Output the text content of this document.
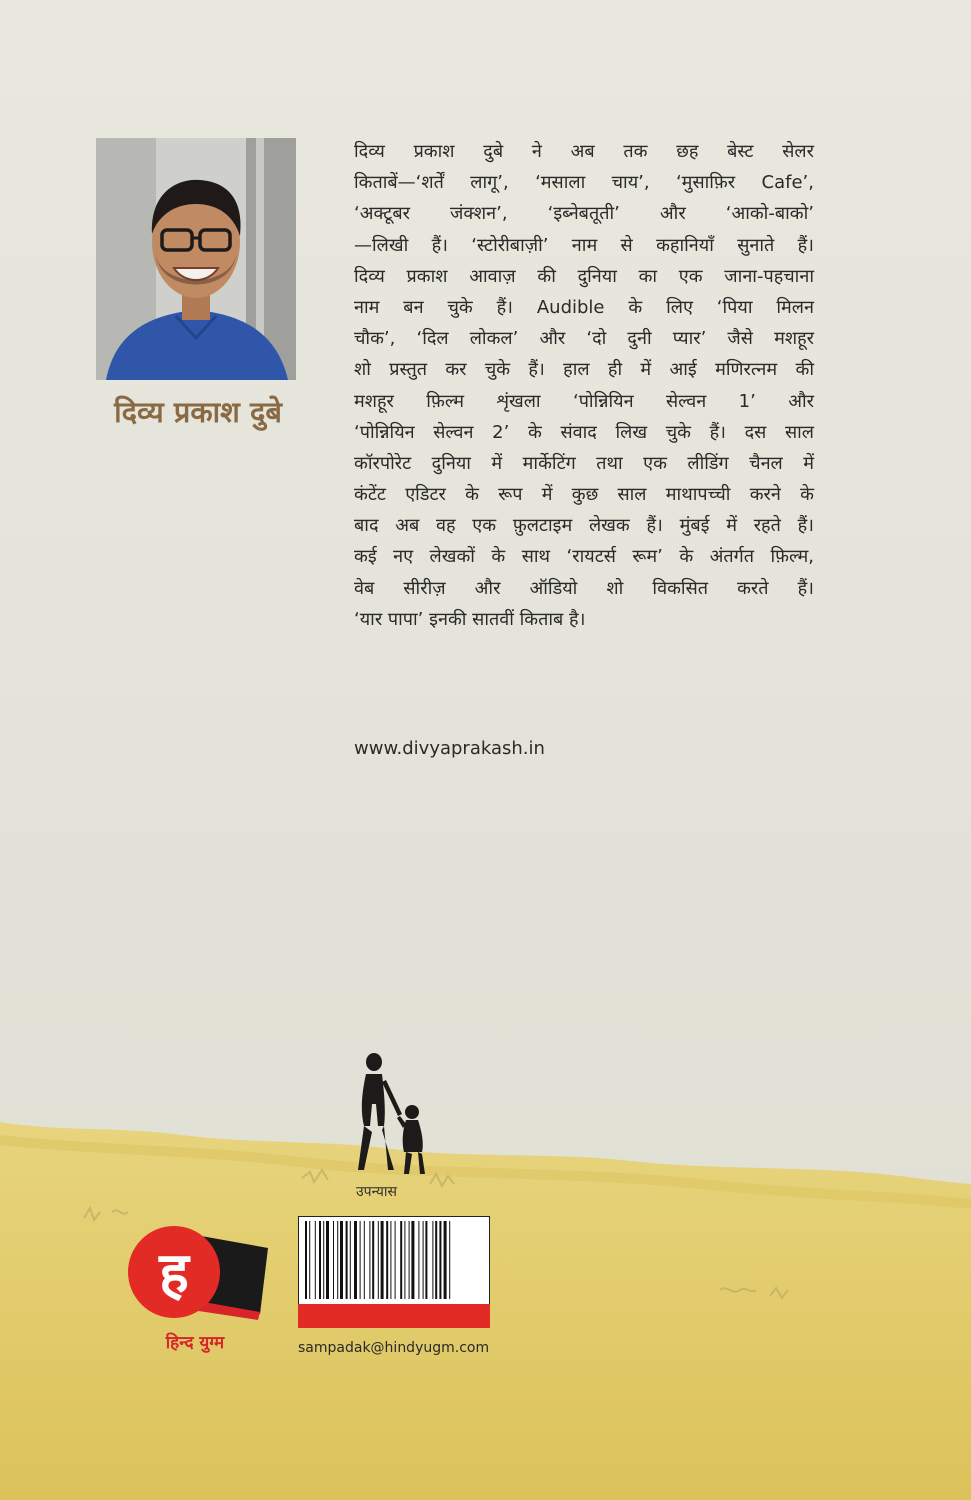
दिव्य प्रकाश दुबे

दिव्य प्रकाश दुबे ने अब तक छह बेस्ट सेलर
किताबें—‘शर्तें लागू’, ‘मसाला चाय’, ‘मुसाफ़िर Cafe’,
‘अक्टूबर जंक्शन’, ‘इब्नेबतूती’ और ‘आको-बाको’
—लिखी हैं। ‘स्टोरीबाज़ी’ नाम से कहानियाँ सुनाते हैं।
दिव्य प्रकाश आवाज़ की दुनिया का एक जाना-पहचाना
नाम बन चुके हैं। Audible के लिए ‘पिया मिलन
चौक’, ‘दिल लोकल’ और ‘दो दुनी प्यार’ जैसे मशहूर
शो प्रस्तुत कर चुके हैं। हाल ही में आई मणिरत्नम की
मशहूर फ़िल्म शृंखला ‘पोन्नियिन सेल्वन 1’ और
‘पोन्नियिन सेल्वन 2’ के संवाद लिख चुके हैं। दस साल
कॉरपोरेट दुनिया में मार्केटिंग तथा एक लीडिंग चैनल में
कंटेंट एडिटर के रूप में कुछ साल माथापच्ची करने के
बाद अब वह एक फ़ुलटाइम लेखक हैं। मुंबई में रहते हैं।
कई नए लेखकों के साथ ‘रायटर्स रूम’ के अंतर्गत फ़िल्म,
वेब सीरीज़ और ऑडियो शो विकसित करते हैं।
‘यार पापा’ इनकी सातवीं किताब है।

www.divyaprakash.in

उपन्यास

sampadak@hindyugm.com

ह

हिन्द युग्म
